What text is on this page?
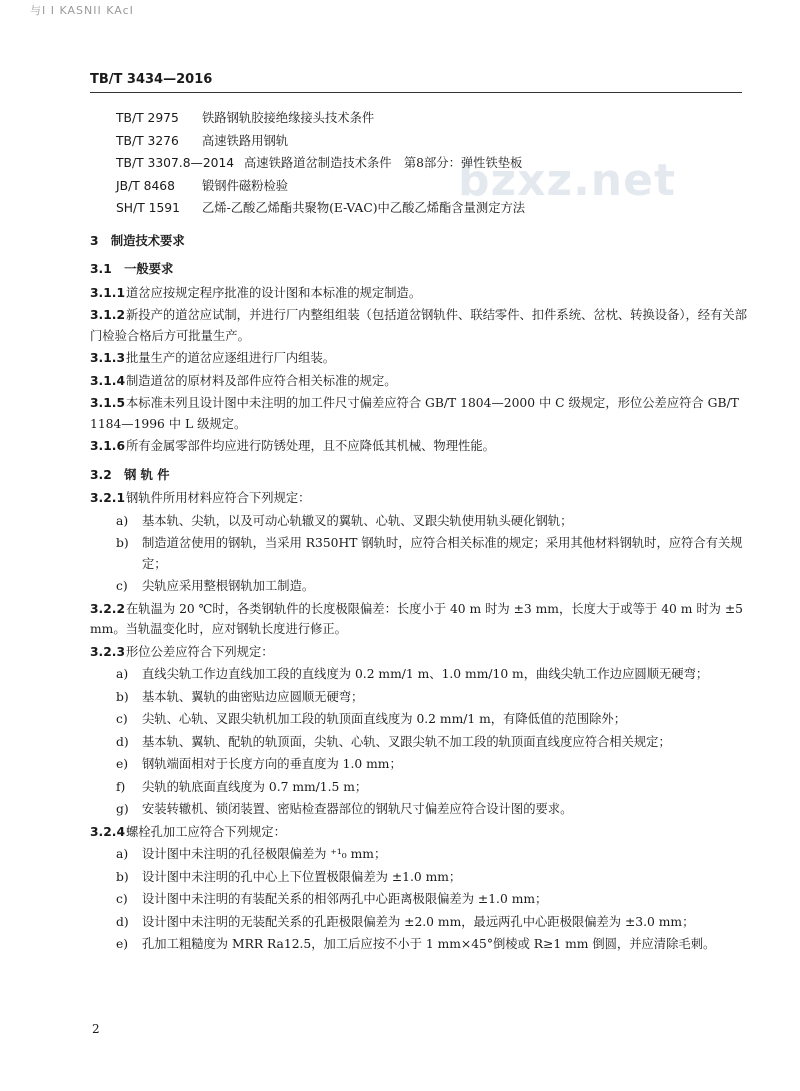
与I I KASNII KAcI
TB/T 3434—2016
bzxz.net
TB/T 2975 铁路钢轨胶接绝缘接头技术条件
TB/T 3276 高速铁路用钢轨
TB/T 3307.8—2014 高速铁路道岔制造技术条件　第8部分：弹性铁垫板
JB/T 8468 锻钢件磁粉检验
SH/T 1591 乙烯-乙酸乙烯酯共聚物(E-VAC)中乙酸乙烯酯含量测定方法
3　制造技术要求
3.1　一般要求
3.1.1道岔应按规定程序批准的设计图和本标准的规定制造。
3.1.2新投产的道岔应试制，并进行厂内整组组装（包括道岔钢轨件、联结零件、扣件系统、岔枕、转换设备），经有关部门检验合格后方可批量生产。
3.1.3批量生产的道岔应逐组进行厂内组装。
3.1.4制造道岔的原材料及部件应符合相关标准的规定。
3.1.5本标准未列且设计图中未注明的加工件尺寸偏差应符合 GB/T 1804—2000 中 C 级规定，形位公差应符合 GB/T 1184—1996 中 L 级规定。
3.1.6所有金属零部件均应进行防锈处理，且不应降低其机械、物理性能。
3.2　钢 轨 件
3.2.1钢轨件所用材料应符合下列规定：
a) 基本轨、尖轨，以及可动心轨辙叉的翼轨、心轨、叉跟尖轨使用轨头硬化钢轨；
b) 制造道岔使用的钢轨，当采用 R350HT 钢轨时，应符合相关标准的规定；采用其他材料钢轨时，应符合有关规定；
c) 尖轨应采用整根钢轨加工制造。
3.2.2在轨温为 20 ℃时，各类钢轨件的长度极限偏差：长度小于 40 m 时为 ±3 mm，长度大于或等于 40 m 时为 ±5 mm。当轨温变化时，应对钢轨长度进行修正。
3.2.3形位公差应符合下列规定：
a) 直线尖轨工作边直线加工段的直线度为 0.2 mm/1 m、1.0 mm/10 m，曲线尖轨工作边应圆顺无硬弯；
b) 基本轨、翼轨的曲密贴边应圆顺无硬弯；
c) 尖轨、心轨、叉跟尖轨机加工段的轨顶面直线度为 0.2 mm/1 m，有降低值的范围除外；
d) 基本轨、翼轨、配轨的轨顶面，尖轨、心轨、叉跟尖轨不加工段的轨顶面直线度应符合相关规定；
e) 钢轨端面相对于长度方向的垂直度为 1.0 mm；
f) 尖轨的轨底面直线度为 0.7 mm/1.5 m；
g) 安装转辙机、锁闭装置、密贴检查器部位的钢轨尺寸偏差应符合设计图的要求。
3.2.4螺栓孔加工应符合下列规定：
a) 设计图中未注明的孔径极限偏差为 ⁺¹₀ mm；
b) 设计图中未注明的孔中心上下位置极限偏差为 ±1.0 mm；
c) 设计图中未注明的有装配关系的相邻两孔中心距离极限偏差为 ±1.0 mm；
d) 设计图中未注明的无装配关系的孔距极限偏差为 ±2.0 mm，最远两孔中心距极限偏差为 ±3.0 mm；
e) 孔加工粗糙度为 MRR Ra12.5，加工后应按不小于 1 mm×45°倒棱或 R≥1 mm 倒圆，并应清除毛刺。
2
